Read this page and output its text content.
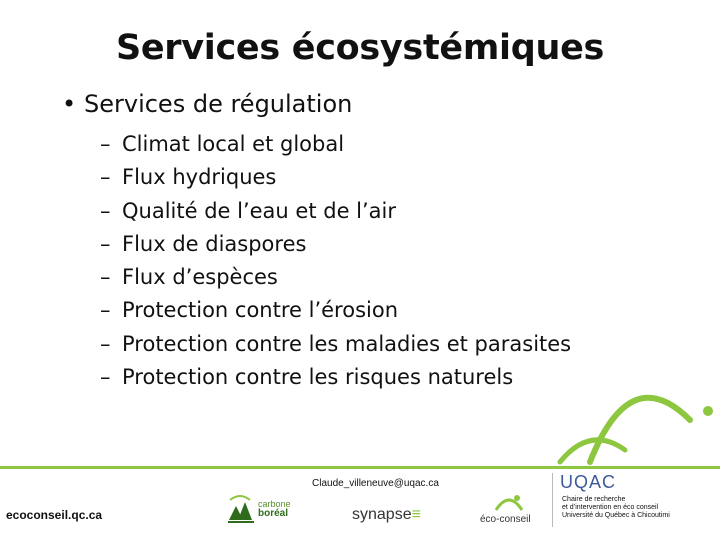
Services écosystémiques
• Services de régulation
– Climat local et global
– Flux hydriques
– Qualité de l’eau et de l’air
– Flux de diaspores
– Flux d’espèces
– Protection contre l’érosion
– Protection contre les maladies et parasites
– Protection contre les risques naturels
Claude_villeneuve@uqac.ca
ecoconseil.qc.ca
carbone
boréal	synapse≡	éco-conseil
UQAC
Chaire de recherche
et d’intervention en éco conseil
Université du Québec à Chicoutimi
